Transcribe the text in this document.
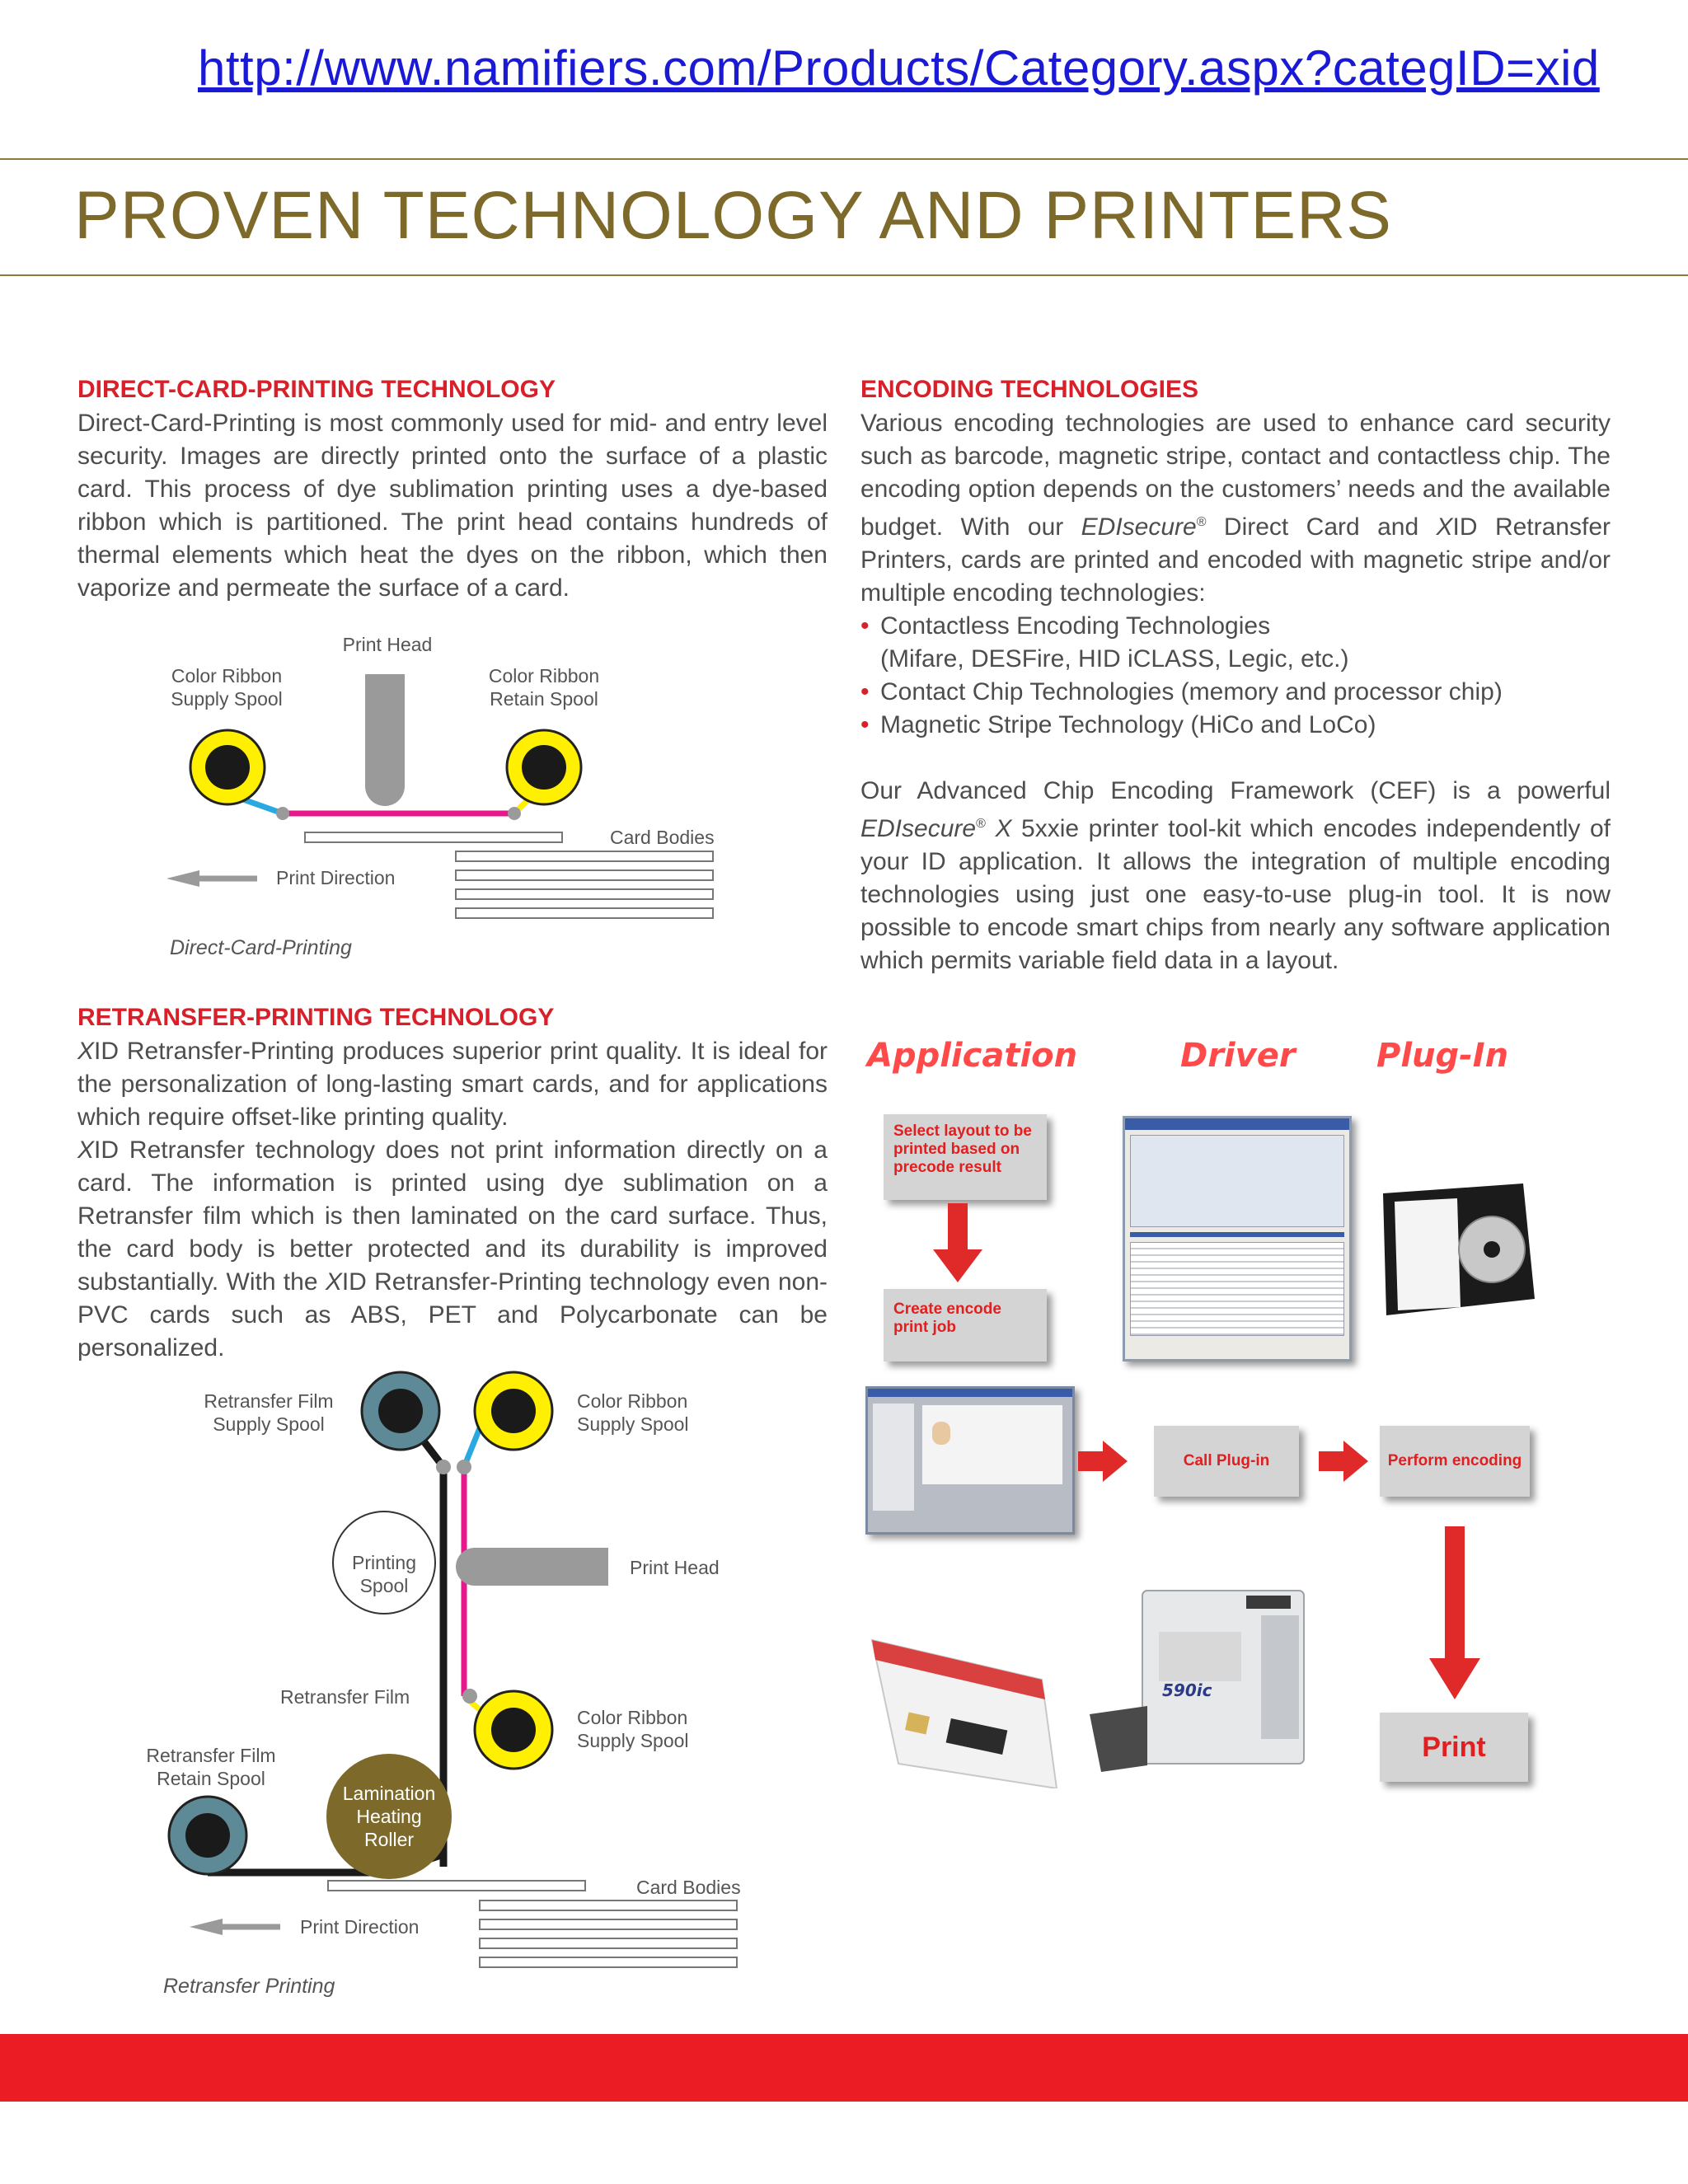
http://www.namifiers.com/Products/Category.aspx?categID=xid
PROVEN TECHNOLOGY AND PRINTERS
DIRECT-CARD-PRINTING TECHNOLOGY

Direct-Card-Printing is most commonly used for mid- and entry level security. Images are directly printed onto the surface of a plastic card. This process of dye sublimation printing uses a dye-based ribbon which is partitioned. The print head contains hundreds of thermal elements which heat the dyes on the ribbon, which then vaporize and permeate the surface of a card.

Print Head
Color Ribbon
Supply Spool
Color Ribbon
Retain Spool
Card Bodies
Print Direction
Direct-Card-Printing
RETRANSFER-PRINTING TECHNOLOGY

XID Retransfer-Printing produces superior print quality. It is ideal for the personalization of long-lasting smart cards, and for applications which require offset-like printing quality.

XID Retransfer technology does not print information directly on a card. The information is printed using dye sublimation on a Retransfer film which is then laminated on the card surface. Thus, the card body is better protected and its durability is improved substantially. With the XID Retransfer-Printing technology even non-PVC cards such as ABS, PET and Polycarbonate can be personalized.

Retransfer Film
Supply Spool
Color Ribbon
Supply Spool
Printing
Spool
Print Head
Retransfer Film
Color Ribbon
Supply Spool
Retransfer Film
Retain Spool
Lamination
Heating
Roller
Card Bodies
Print Direction
Retransfer Printing
ENCODING TECHNOLOGIES

Various encoding technologies are used to enhance card security such as barcode, magnetic stripe, contact and contactless chip. The encoding option depends on the customers’ needs and the available budget. With our EDIsecure® Direct Card and XID Retransfer Printers, cards are printed and encoded with magnetic stripe and/or multiple encoding technologies:

• Contactless Encoding Technologies
(Mifare, DESFire, HID iCLASS, Legic, etc.)
• Contact Chip Technologies (memory and processor chip)
• Magnetic Stripe Technology (HiCo and LoCo)

Our Advanced Chip Encoding Framework (CEF) is a powerful EDIsecure® X 5xxie printer tool-kit which encodes independently of your ID application. It allows the integration of multiple encoding technologies using just one easy-to-use plug-in tool. It is now possible to encode smart chips from nearly any software application which permits variable field data in a layout.

Application	Driver Plug-In
Select layout to be printed based on precode result
Create encode print job
Call Plug-in	Perform encoding
Print
590ic
